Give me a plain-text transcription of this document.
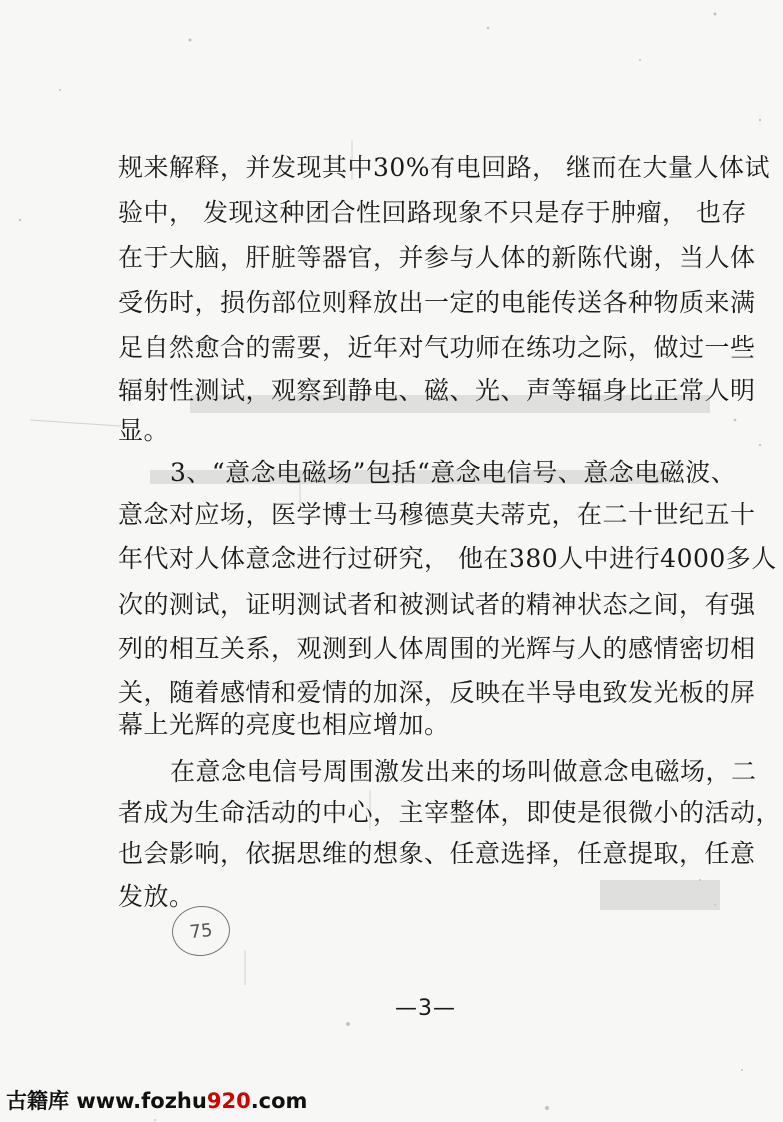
规来解释，并发现其中30%有电回路， 继而在大量人体试
验中， 发现这种团合性回路现象不只是存于肿瘤， 也存
在于大脑，肝脏等器官，并参与人体的新陈代谢，当人体
受伤时，损伤部位则释放出一定的电能传送各种物质来满
足自然愈合的需要，近年对气功师在练功之际，做过一些
辐射性测试，观察到静电、磁、光、声等辐身比正常人明
显。
3、“意念电磁场”包括“意念电信号、意念电磁波、
意念对应场，医学博士马穆德莫夫蒂克，在二十世纪五十
年代对人体意念进行过研究， 他在380人中进行4000多人
次的测试，证明测试者和被测试者的精神状态之间，有强
列的相互关系，观测到人体周围的光辉与人的感情密切相
关，随着感情和爱情的加深，反映在半导电致发光板的屏
幕上光辉的亮度也相应增加。
在意念电信号周围激发出来的场叫做意念电磁场，二
者成为生命活动的中心，主宰整体，即使是很微小的活动，
也会影响，依据思维的想象、任意选择，任意提取，任意
发放。
75
—3—
古籍库 www.fozhu920.com
